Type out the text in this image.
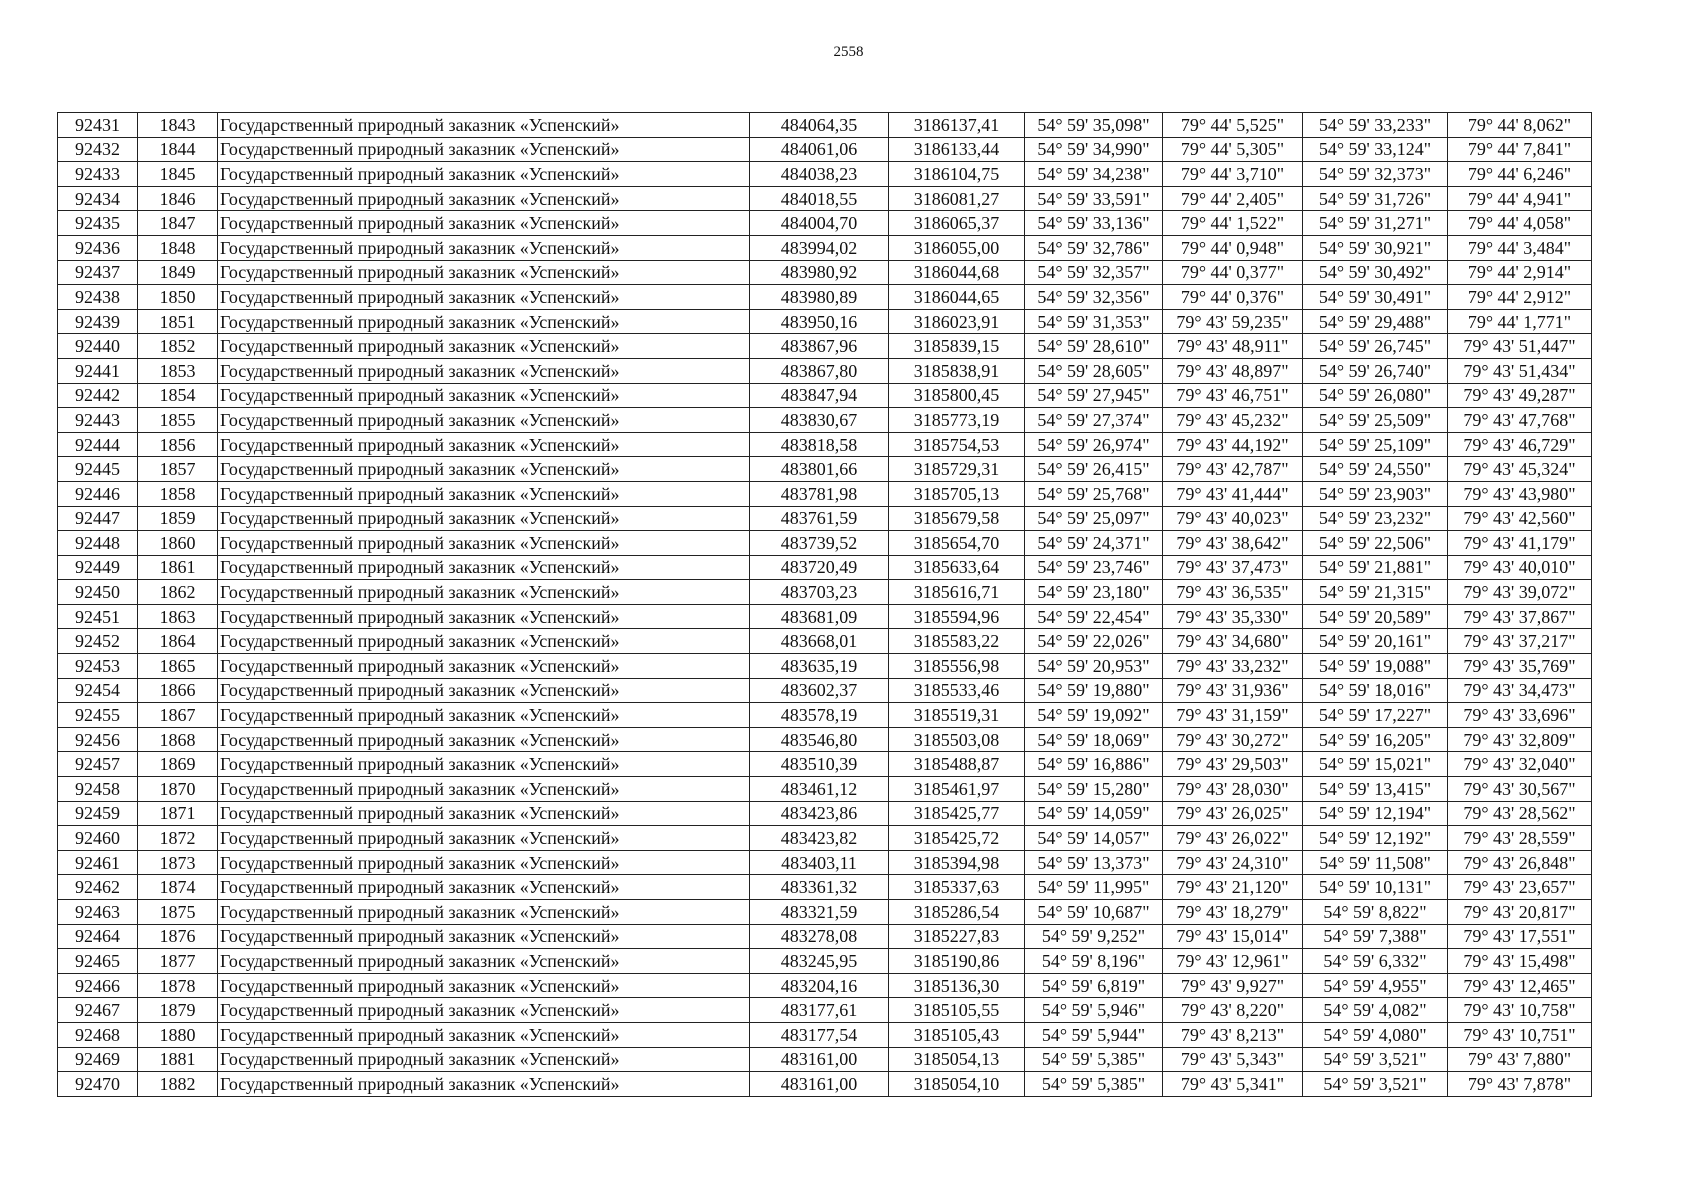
2558
92431	1843	Государственный природный заказник «Успенский»	484064,35	3186137,41	54° 59' 35,098"	79° 44' 5,525"	54° 59' 33,233"	79° 44' 8,062"
92432	1844	Государственный природный заказник «Успенский»	484061,06	3186133,44	54° 59' 34,990"	79° 44' 5,305"	54° 59' 33,124"	79° 44' 7,841"
92433	1845	Государственный природный заказник «Успенский»	484038,23	3186104,75	54° 59' 34,238"	79° 44' 3,710"	54° 59' 32,373"	79° 44' 6,246"
92434	1846	Государственный природный заказник «Успенский»	484018,55	3186081,27	54° 59' 33,591"	79° 44' 2,405"	54° 59' 31,726"	79° 44' 4,941"
92435	1847	Государственный природный заказник «Успенский»	484004,70	3186065,37	54° 59' 33,136"	79° 44' 1,522"	54° 59' 31,271"	79° 44' 4,058"
92436	1848	Государственный природный заказник «Успенский»	483994,02	3186055,00	54° 59' 32,786"	79° 44' 0,948"	54° 59' 30,921"	79° 44' 3,484"
92437	1849	Государственный природный заказник «Успенский»	483980,92	3186044,68	54° 59' 32,357"	79° 44' 0,377"	54° 59' 30,492"	79° 44' 2,914"
92438	1850	Государственный природный заказник «Успенский»	483980,89	3186044,65	54° 59' 32,356"	79° 44' 0,376"	54° 59' 30,491"	79° 44' 2,912"
92439	1851	Государственный природный заказник «Успенский»	483950,16	3186023,91	54° 59' 31,353"	79° 43' 59,235"	54° 59' 29,488"	79° 44' 1,771"
92440	1852	Государственный природный заказник «Успенский»	483867,96	3185839,15	54° 59' 28,610"	79° 43' 48,911"	54° 59' 26,745"	79° 43' 51,447"
92441	1853	Государственный природный заказник «Успенский»	483867,80	3185838,91	54° 59' 28,605"	79° 43' 48,897"	54° 59' 26,740"	79° 43' 51,434"
92442	1854	Государственный природный заказник «Успенский»	483847,94	3185800,45	54° 59' 27,945"	79° 43' 46,751"	54° 59' 26,080"	79° 43' 49,287"
92443	1855	Государственный природный заказник «Успенский»	483830,67	3185773,19	54° 59' 27,374"	79° 43' 45,232"	54° 59' 25,509"	79° 43' 47,768"
92444	1856	Государственный природный заказник «Успенский»	483818,58	3185754,53	54° 59' 26,974"	79° 43' 44,192"	54° 59' 25,109"	79° 43' 46,729"
92445	1857	Государственный природный заказник «Успенский»	483801,66	3185729,31	54° 59' 26,415"	79° 43' 42,787"	54° 59' 24,550"	79° 43' 45,324"
92446	1858	Государственный природный заказник «Успенский»	483781,98	3185705,13	54° 59' 25,768"	79° 43' 41,444"	54° 59' 23,903"	79° 43' 43,980"
92447	1859	Государственный природный заказник «Успенский»	483761,59	3185679,58	54° 59' 25,097"	79° 43' 40,023"	54° 59' 23,232"	79° 43' 42,560"
92448	1860	Государственный природный заказник «Успенский»	483739,52	3185654,70	54° 59' 24,371"	79° 43' 38,642"	54° 59' 22,506"	79° 43' 41,179"
92449	1861	Государственный природный заказник «Успенский»	483720,49	3185633,64	54° 59' 23,746"	79° 43' 37,473"	54° 59' 21,881"	79° 43' 40,010"
92450	1862	Государственный природный заказник «Успенский»	483703,23	3185616,71	54° 59' 23,180"	79° 43' 36,535"	54° 59' 21,315"	79° 43' 39,072"
92451	1863	Государственный природный заказник «Успенский»	483681,09	3185594,96	54° 59' 22,454"	79° 43' 35,330"	54° 59' 20,589"	79° 43' 37,867"
92452	1864	Государственный природный заказник «Успенский»	483668,01	3185583,22	54° 59' 22,026"	79° 43' 34,680"	54° 59' 20,161"	79° 43' 37,217"
92453	1865	Государственный природный заказник «Успенский»	483635,19	3185556,98	54° 59' 20,953"	79° 43' 33,232"	54° 59' 19,088"	79° 43' 35,769"
92454	1866	Государственный природный заказник «Успенский»	483602,37	3185533,46	54° 59' 19,880"	79° 43' 31,936"	54° 59' 18,016"	79° 43' 34,473"
92455	1867	Государственный природный заказник «Успенский»	483578,19	3185519,31	54° 59' 19,092"	79° 43' 31,159"	54° 59' 17,227"	79° 43' 33,696"
92456	1868	Государственный природный заказник «Успенский»	483546,80	3185503,08	54° 59' 18,069"	79° 43' 30,272"	54° 59' 16,205"	79° 43' 32,809"
92457	1869	Государственный природный заказник «Успенский»	483510,39	3185488,87	54° 59' 16,886"	79° 43' 29,503"	54° 59' 15,021"	79° 43' 32,040"
92458	1870	Государственный природный заказник «Успенский»	483461,12	3185461,97	54° 59' 15,280"	79° 43' 28,030"	54° 59' 13,415"	79° 43' 30,567"
92459	1871	Государственный природный заказник «Успенский»	483423,86	3185425,77	54° 59' 14,059"	79° 43' 26,025"	54° 59' 12,194"	79° 43' 28,562"
92460	1872	Государственный природный заказник «Успенский»	483423,82	3185425,72	54° 59' 14,057"	79° 43' 26,022"	54° 59' 12,192"	79° 43' 28,559"
92461	1873	Государственный природный заказник «Успенский»	483403,11	3185394,98	54° 59' 13,373"	79° 43' 24,310"	54° 59' 11,508"	79° 43' 26,848"
92462	1874	Государственный природный заказник «Успенский»	483361,32	3185337,63	54° 59' 11,995"	79° 43' 21,120"	54° 59' 10,131"	79° 43' 23,657"
92463	1875	Государственный природный заказник «Успенский»	483321,59	3185286,54	54° 59' 10,687"	79° 43' 18,279"	54° 59' 8,822"	79° 43' 20,817"
92464	1876	Государственный природный заказник «Успенский»	483278,08	3185227,83	54° 59' 9,252"	79° 43' 15,014"	54° 59' 7,388"	79° 43' 17,551"
92465	1877	Государственный природный заказник «Успенский»	483245,95	3185190,86	54° 59' 8,196"	79° 43' 12,961"	54° 59' 6,332"	79° 43' 15,498"
92466	1878	Государственный природный заказник «Успенский»	483204,16	3185136,30	54° 59' 6,819"	79° 43' 9,927"	54° 59' 4,955"	79° 43' 12,465"
92467	1879	Государственный природный заказник «Успенский»	483177,61	3185105,55	54° 59' 5,946"	79° 43' 8,220"	54° 59' 4,082"	79° 43' 10,758"
92468	1880	Государственный природный заказник «Успенский»	483177,54	3185105,43	54° 59' 5,944"	79° 43' 8,213"	54° 59' 4,080"	79° 43' 10,751"
92469	1881	Государственный природный заказник «Успенский»	483161,00	3185054,13	54° 59' 5,385"	79° 43' 5,343"	54° 59' 3,521"	79° 43' 7,880"
92470	1882	Государственный природный заказник «Успенский»	483161,00	3185054,10	54° 59' 5,385"	79° 43' 5,341"	54° 59' 3,521"	79° 43' 7,878"
